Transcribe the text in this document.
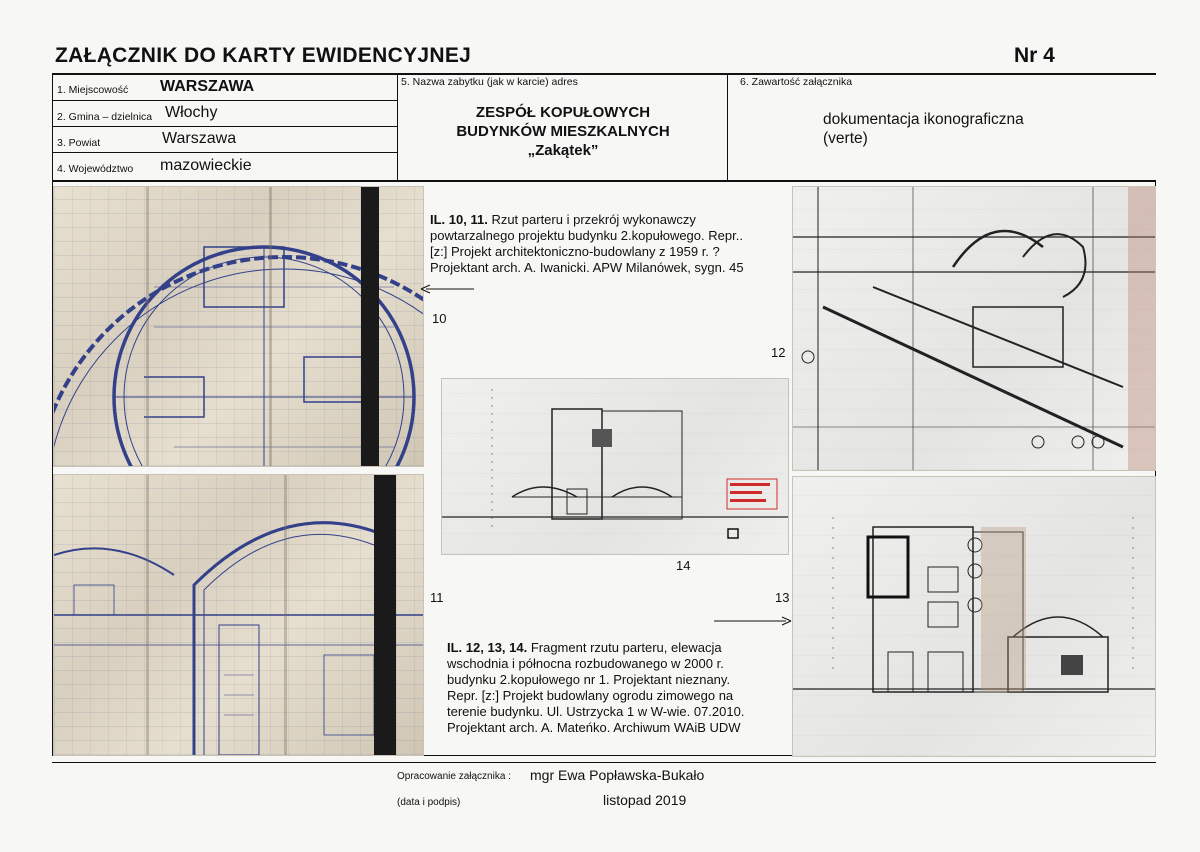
ZAŁĄCZNIK DO KARTY EWIDENCYJNEJ	Nr 4
1. Miejscowość WARSZAWA
2. Gmina – dzielnica Włochy
3. Powiat	Warszawa
4. Województwo mazowieckie
5. Nazwa zabytku (jak w karcie) adres
ZESPÓŁ KOPUŁOWYCH
BUDYNKÓW MIESZKALNYCH
„Zakątek”
6. Zawartość załącznika
dokumentacja ikonograficzna
(verte)
IL. 10, 11. Rzut parteru i przekrój wykonawczy
powtarzalnego projektu budynku 2.kopułowego. Repr..
[z:] Projekt architektoniczno-budowlany z 1959 r. ?
Projektant arch. A. Iwanicki. APW Milanówek, sygn. 45
IL. 12, 13, 14. Fragment rzutu parteru, elewacja
wschodnia i północna rozbudowanego w 2000 r.
budynku 2.kopułowego nr 1. Projektant nieznany.
Repr. [z:] Projekt budowlany ogrodu zimowego na
terenie budynku. Ul. Ustrzycka 1 w W-wie. 07.2010.
Projektant arch. A. Mateńko. Archiwum WAiB UDW
10
11
12
13
14
Opracowanie załącznika : mgr Ewa Popławska-Bukało
(data i podpis)	listopad 2019
